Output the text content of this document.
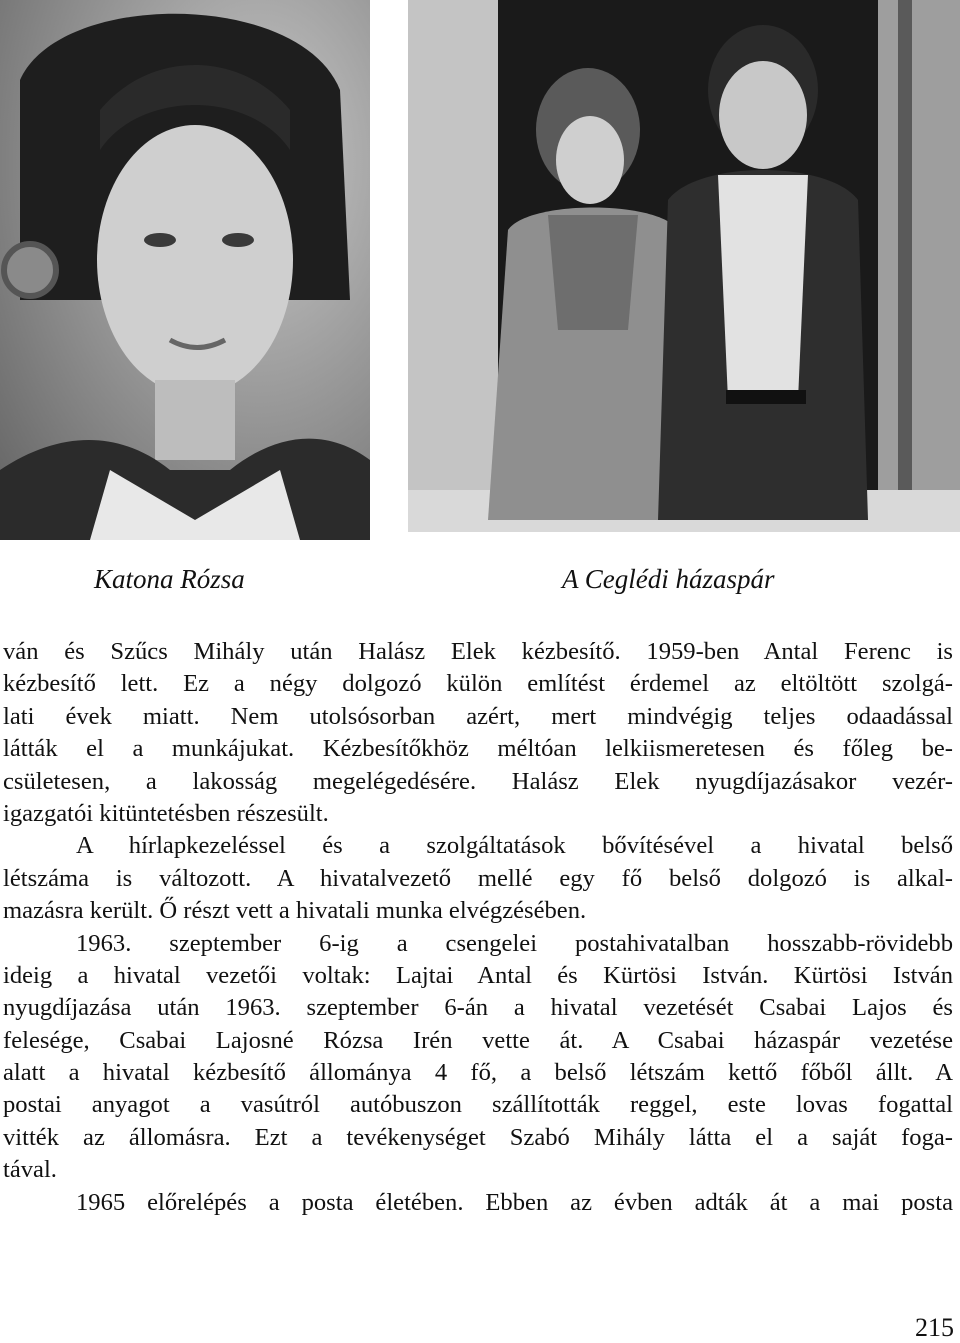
Katona Rózsa	A Ceglédi házaspár
ván és Szűcs Mihály után Halász Elek kézbesítő. 1959-ben Antal Ferenc is
kézbesítő lett. Ez a négy dolgozó külön említést érdemel az eltöltött szolgá-
lati évek miatt. Nem utolsósorban azért, mert mindvégig teljes odaadással
látták el a munkájukat. Kézbesítőkhöz méltóan lelkiismeretesen és főleg be-
csületesen, a lakosság megelégedésére. Halász Elek nyugdíjazásakor vezér-
igazgatói kitüntetésben részesült.
A hírlapkezeléssel és a szolgáltatások bővítésével a hivatal belső
létszáma is változott. A hivatalvezető mellé egy fő belső dolgozó is alkal-
mazásra került. Ő részt vett a hivatali munka elvégzésében.
1963. szeptember 6-ig a csengelei postahivatalban hosszabb-rövidebb
ideig a hivatal vezetői voltak: Lajtai Antal és Kürtösi István. Kürtösi István
nyugdíjazása után 1963. szeptember 6-án a hivatal vezetését Csabai Lajos és
felesége, Csabai Lajosné Rózsa Irén vette át. A Csabai házaspár vezetése
alatt a hivatal kézbesítő állománya 4 fő, a belső létszám kettő főből állt. A
postai anyagot a vasútról autóbuszon szállították reggel, este lovas fogattal
vitték az állomásra. Ezt a tevékenységet Szabó Mihály látta el a saját foga-
tával.
1965 előrelépés a posta életében. Ebben az évben adták át a mai posta
215
